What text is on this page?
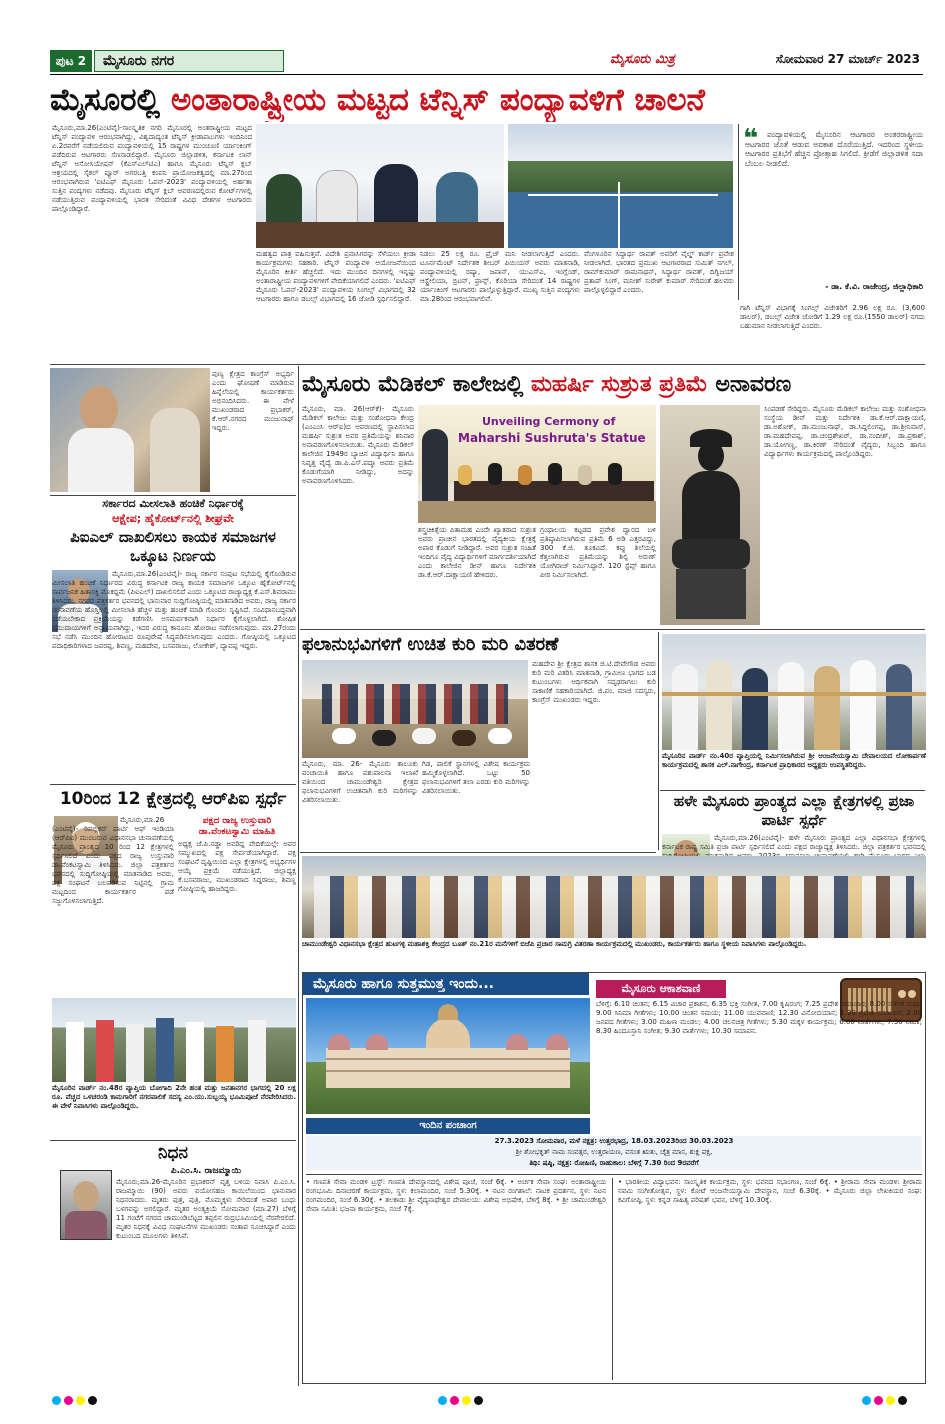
ಪುಟ 2	ಮೈಸೂರು ನಗರ	ಮೈಸೂರು ಮಿತ್ರ	ಸೋಮವಾರ 27 ಮಾರ್ಚ್ 2023
ಮೈಸೂರಲ್ಲಿ ಅಂತಾರಾಷ್ಟ್ರೀಯ ಮಟ್ಟದ ಟೆನ್ನಿಸ್ ಪಂದ್ಯಾವಳಿಗೆ ಚಾಲನೆ
ಮೈಸೂರು,ಮಾ.26(ಎಂಟಿವೈ)-ಸಾಂಸ್ಕೃತಿಕ ನಗರಿ ಮೈಸೂರಲ್ಲಿ ಅಂತರಾಷ್ಟ್ರೀಯ ಮಟ್ಟದ ಟೆನ್ನಿಸ್ ಪಂದ್ಯಾವಳಿ ಆರಂಭವಾಗಿದ್ದು, ವಿಶ್ವದಾದ್ಯಂತ ಟೆನ್ನಿಸ್ ಕ್ರೀಡಾಪಟುಗಳು ಇಂದಿನಿಂದ ಏ.2ರವರೆಗೆ ನಡೆಯಲಿರುವ ಪಂದ್ಯಾವಳಿಯಲ್ಲಿ 15 ರಾಷ್ಟ್ರಗಳ ಮುಂಚೂಣಿ ರ್ಯಾಂಕಿಂಗ್ ಪಡೆದಿರುವ ಆಟಗಾರರು ಸೆಣಸಾಡಲಿದ್ದಾರೆ. ಮೈಸೂರು ಜಿಲ್ಲಾಡಳಿತ, ಕರ್ನಾಟಕ ಲಾನ್ ಟೆನ್ನಿಸ್ ಅಸೋಸಿಯೇಷನ್ (ಕೆಎಸ್‌ಎಲ್‌ಟಿಎ) ಹಾಗೂ ಮೈಸೂರು ಟೆನ್ನಿಸ್ ಕ್ಲಬ್ ಆಶ್ರಯದಲ್ಲಿ ಸೈಕಲ್ ಪ್ಯೂರ್ ಅಗರಬತ್ತಿ ಕಂಪನಿ ಪ್ರಾಯೋಜಕತ್ವದಲ್ಲಿ ಮಾ.27ರಿಂದ ಆರಂಭವಾಗಿರುವ 'ಐಟಿಎಫ್ ಮೈಸೂರು ಓಪನ್-2023' ಪಂದ್ಯಾವಳಿಯಲ್ಲಿ ಅರ್ಹತಾ ಸುತ್ತಿನ ಪಂದ್ಯಗಳು ನಡೆದವು. ಮೈಸೂರು ಟೆನ್ನಿಸ್ ಕ್ಲಬ್ ಆವರಣದಲ್ಲಿರುವ ಕೋರ್ಟ್‌ಗಳಲ್ಲಿ ನಡೆಯುತ್ತಿರುವ ಪಂದ್ಯಾವಳಿಯಲ್ಲಿ ಭಾರತ ಸೇರಿದಂತೆ ವಿವಿಧ ದೇಶಗಳ ಆಟಗಾರರು ಪಾಲ್ಗೊಂಡಿದ್ದಾರೆ.
ಮಹತ್ವದ ಪಾತ್ರ ವಹಿಸುತ್ತವೆ. ವಿದೇಶಿ ಪ್ರವಾಸಿಗರನ್ನು ಸೆಳೆಯಲು ಕ್ರೀಡಾ ಕಾರ್ಯಕ್ರಮಗಳು ಸಹಕಾರಿ. ಟೆನ್ನಿಸ್ ಪಂದ್ಯಾವಳಿ ಆಯೋಜನೆಯಿಂದ ಮೈಸೂರಿನ ಕೀರ್ತಿ ಹೆಚ್ಚಲಿದೆ. ಇದು ಮುಂದಿನ ದಿನಗಳಲ್ಲಿ ಇನ್ನಷ್ಟು ಅಂತಾರಾಷ್ಟ್ರೀಯ ಪಂದ್ಯಾವಳಿಗಳಿಗೆ ವೇದಿಕೆಯಾಗಲಿದೆ ಎಂದರು. 'ಐಟಿಎಫ್ ಮೈಸೂರು ಓಪನ್-2023' ಪಂದ್ಯಾವಳಿಯ ಸಿಂಗಲ್ಸ್ ವಿಭಾಗದಲ್ಲಿ 32 ಆಟಗಾರರು ಹಾಗೂ ಡಬಲ್ಸ್ ವಿಭಾಗದಲ್ಲಿ 16 ಜೋಡಿ ಸ್ಪರ್ಧಿಸಲಿದ್ದಾರೆ.
ನಿಡಲು 25 ಲಕ್ಷ ರೂ. ಪ್ರೈಜ್ ಮನಿ ನೀಡಲಾಗುತ್ತಿದೆ ಎಂದರು. ಟೂರ್ನಮೆಂಟ್ ನಿರ್ದೇಶಕ ಶೀಬರ್ ಪಿಯಿಯನ್ ಅವರು ಮಾತನಾಡಿ, ಪಂದ್ಯಾವಳಿಯಲ್ಲಿ ರಷ್ಯಾ, ಜಪಾನ್, ಯುಎಸ್‌ಎ, ಇಂಗ್ಲೆಂಡ್, ಆಸ್ಟ್ರೇಲಿಯಾ, ಬ್ರಿಟನ್, ಫ್ರಾನ್ಸ್, ಕೊರಿಯಾ ಸೇರಿದಂತೆ 14 ರಾಷ್ಟ್ರಗಳ ರ್ಯಾಂಕಿಂಗ್ ಆಟಗಾರರು ಪಾಲ್ಗೊಳ್ಳುತ್ತಿದ್ದಾರೆ. ಮುಖ್ಯ ಸುತ್ತಿನ ಪಂದ್ಯಗಳು ಮಾ.28ರಿಂದ ಆರಂಭವಾಗಲಿವೆ.
ವೆಂಗಳೂರಿನ ಸಿದ್ಧಾರ್ಥ ರಾವತ್ ಅವರಿಗೆ ವೈಲ್ಡ್ ಕಾರ್ಡ್ ಪ್ರವೇಶ ನೀಡಲಾಗಿದೆ. ಭಾರತದ ಪ್ರಮುಖ ಆಟಗಾರರಾದ ಸುಮಿತ್ ನಗಲ್, ರಾಮ್‌ಕುಮಾರ್ ರಾಮನಾಥನ್, ಸಿದ್ಧಾರ್ಥ ರಾವತ್, ದಿಗ್ವಿಜಯ್ ಪ್ರತಾಪ್ ಸಿಂಗ್, ಮನೀಶ್ ಸುರೇಶ್ ಕುಮಾರ್ ಸೇರಿದಂತೆ ಹಲವರು ಪಾಲ್ಗೊಳ್ಳಲಿದ್ದಾರೆ ಎಂದರು.
❝	ಪಂದ್ಯಾವಳಿಯಲ್ಲಿ ಮೈಸೂರಿನ ಆಟಗಾರರ ಅಂತರರಾಷ್ಟ್ರೀಯ ಆಟಗಾರರ ಜೊತೆ ಆಡುವ ಅವಕಾಶ ದೊರೆಯುತ್ತಿದೆ. ಇದರಿಂದ ಸ್ಥಳೀಯ ಆಟಗಾರರ ಪ್ರತಿಭೆಗೆ ಹೆಚ್ಚಿನ ಪ್ರೋತ್ಸಾಹ ಸಿಗಲಿದೆ. ಕ್ರೀಡೆಗೆ ಜಿಲ್ಲಾಡಳಿತ ಸದಾ ಬೆಂಬಲ ನೀಡಲಿದೆ.
- ಡಾ. ಕೆ.ವಿ. ರಾಜೇಂದ್ರ, ಜಿಲ್ಲಾಧಿಕಾರಿ
ಗಾಗಿ ಟೆನ್ನಿಸ್ ವಿಭಾಗಕ್ಕೆ ಸಿಂಗಲ್ಸ್ ವಿಜೇತರಿಗೆ 2.96 ಲಕ್ಷ ರೂ. (3,600 ಡಾಲರ್), ಡಬಲ್ಸ್ ವಿಜೇತ ಜೋಡಿಗೆ 1.29 ಲಕ್ಷ ರೂ.(1550 ಡಾಲರ್) ನಗದು ಬಹುಮಾನ ನೀಡಲಾಗುತ್ತಿದೆ ಎಂದರು.
ಪುಣ್ಯ ಕ್ಷೇತ್ರದ ಕಾಂಗ್ರೆಸ್ ಅಭ್ಯರ್ಥಿ ಎಂದು ಘೋಷಣೆ ಮಾಡಿರುವ ಹಿನ್ನೆಲೆಯಲ್ಲಿ ಕಾರ್ಯಕರ್ತರು ಅಭಿನಂದಿಸಿದರು. ಈ ವೇಳೆ ಮುಖಂಡರಾದ ಪ್ರಭಾಕರ್, ಕೆ.ಆರ್.ನಗರದ ಮಂಜುನಾಥ್ ಇದ್ದರು.
ಸರ್ಕಾರದ ಮೀಸಲಾತಿ ಹಂಚಿಕೆ ನಿರ್ಧಾರಕ್ಕೆ
ಆಕ್ಷೇಪ; ಹೈಕೋರ್ಟ್‌ನಲ್ಲಿ ಶೀಘ್ರವೇ
ಪಿಐಎಲ್ ದಾಖಲಿಸಲು ಕಾಯಕ ಸಮಾಜಗಳ ಒಕ್ಕೂಟ ನಿರ್ಣಯ
ಮೈಸೂರು,ಮಾ.26(ಎಂಟಿವೈ)- ರಾಜ್ಯ ಸರ್ಕಾರ ಸಂಪುಟ ಸಭೆಯಲ್ಲಿ ಕೈಗೊಂಡಿರುವ ಮೀಸಲಾತಿ ಹಂಚಿಕೆ ನಿರ್ಧಾರದ ವಿರುದ್ಧ ಕರ್ನಾಟಕ ರಾಜ್ಯ ಕಾಯಕ ಸಮಾಜಗಳ ಒಕ್ಕೂಟ ಹೈಕೋರ್ಟ್‌ನಲ್ಲಿ ಸಾರ್ವಜನಿಕ ಹಿತಾಸಕ್ತಿ ಮೊಕದ್ದಮೆ (ಪಿಐಎಲ್) ದಾಖಲಿಸಲಿದೆ ಎಂದು ಒಕ್ಕೂಟದ ರಾಜ್ಯಾಧ್ಯಕ್ಷ ಕೆ.ಎಸ್.ಶಿವರಾಮು ತಿಳಿಸಿದರು. ನಗರದ ಪತ್ರಕರ್ತರ ಭವನದಲ್ಲಿ ಭಾನುವಾರ ಸುದ್ದಿಗೋಷ್ಠಿಯಲ್ಲಿ ಮಾತನಾಡಿದ ಅವರು, ರಾಜ್ಯ ಸರ್ಕಾರ ಚುನಾವಣೆಯ ಹೊಸ್ತಿಲಲ್ಲಿ ಮೀಸಲಾತಿ ಹೆಚ್ಚಳ ಮತ್ತು ಹಂಚಿಕೆ ಮಾಡಿ ಗೊಂದಲ ಸೃಷ್ಟಿಸಿದೆ. ಸಂವಿಧಾನಬದ್ಧವಾಗಿ ನಡೆಯಬೇಕಾದ ಪ್ರಕ್ರಿಯೆಯನ್ನು ಕಡೆಗಣಿಸಿ ಅಸಮರ್ಪಕವಾಗಿ ನಿರ್ಧಾರ ಕೈಗೊಳ್ಳಲಾಗಿದೆ. ಶೋಷಿತ ಸಮುದಾಯಗಳಿಗೆ ಅನ್ಯಾಯವಾಗಿದ್ದು, ಇದರ ವಿರುದ್ಧ ಕಾನೂನು ಹೋರಾಟ ನಡೆಸಲಾಗುವುದು. ಮಾ.27ರಂದು ಸಭೆ ನಡೆಸಿ ಮುಂದಿನ ಹೋರಾಟದ ರೂಪುರೇಷೆ ಸಿದ್ಧಪಡಿಸಲಾಗುವುದು ಎಂದರು. ಗೋಷ್ಠಿಯಲ್ಲಿ ಒಕ್ಕೂಟದ ಪದಾಧಿಕಾರಿಗಳಾದ ಜವರಪ್ಪ, ಶಿವಣ್ಣ, ಮಹದೇವ, ಬಸವರಾಜು, ಲೋಕೇಶ್, ದ್ಯಾವಪ್ಪ ಇದ್ದರು.
10ರಿಂದ 12 ಕ್ಷೇತ್ರದಲ್ಲಿ ಆರ್‌ಪಿಐ ಸ್ಪರ್ಧೆ
ಪಕ್ಷದ ರಾಜ್ಯ ಉಸ್ತುವಾರಿ ಡಾ.ವೆಂಕಟಸ್ವಾಮಿ ಮಾಹಿತಿ
ಮೈಸೂರು,ಮಾ.26 (ಎಂಟಿವೈ)- ರಿಪಬ್ಲಿಕನ್ ಪಾರ್ಟಿ ಆಫ್ ಇಂಡಿಯಾ (ಆರ್‌ಪಿಐ) ಮುಂಬರುವ ವಿಧಾನಸಭಾ ಚುನಾವಣೆಯಲ್ಲಿ ಮೈಸೂರು ಪ್ರಾಂತ್ಯದ 10 ರಿಂದ 12 ಕ್ಷೇತ್ರಗಳಲ್ಲಿ ಸ್ಪರ್ಧಿಸಲಿದೆ ಎಂದು ಪಕ್ಷದ ರಾಜ್ಯ ಉಸ್ತುವಾರಿ ಡಾ.ವೆಂಕಟಸ್ವಾಮಿ ತಿಳಿಸಿದರು. ಜಿಲ್ಲಾ ಪತ್ರಕರ್ತರ ಭವನದಲ್ಲಿ ಸುದ್ದಿಗೋಷ್ಠಿಯಲ್ಲಿ ಮಾತನಾಡಿದ ಅವರು, ಪಕ್ಷ ಸಂಘಟನೆ ಬಲಪಡಿಸುವ ನಿಟ್ಟಿನಲ್ಲಿ ಗ್ರಾಮ ಮಟ್ಟದಿಂದ ಕಾರ್ಯಕರ್ತರ ಪಡೆ ಸಜ್ಜುಗೊಳಿಸಲಾಗುತ್ತಿದೆ.
ಅಧ್ಯಕ್ಷ ಜೆ.ಪಿ.ನಡ್ಡಾ ಅವರಿದ್ದ ವೇದಿಕೆಯಲ್ಲೇ ಅವರ ಸಮ್ಮುಖದಲ್ಲಿ ಪಕ್ಷ ಸೇರ್ಪಡೆಯಾಗಿದ್ದಾರೆ. ಪಕ್ಷ ಸಂಘಟನೆ ದೃಷ್ಟಿಯಿಂದ ಎಲ್ಲಾ ಕ್ಷೇತ್ರಗಳಲ್ಲಿ ಅಭ್ಯರ್ಥಿಗಳ ಆಯ್ಕೆ ಪ್ರಕ್ರಿಯೆ ನಡೆಯುತ್ತಿದೆ. ಜಿಲ್ಲಾಧ್ಯಕ್ಷ ಕೆ.ಬಸವರಾಜು, ಮುಖಂಡರಾದ ಸಿದ್ದರಾಜು, ಶಿವಣ್ಣ ಗೋಷ್ಠಿಯಲ್ಲಿ ಹಾಜರಿದ್ದರು.
ಮೈಸೂರಿನ ವಾರ್ಡ್ ನಂ.48ರ ವ್ಯಾಪ್ತಿಯ ಬೋಗಾದಿ 2ನೇ ಹಂತ ಮತ್ತು ಜನತಾನಗರ ಭಾಗದಲ್ಲಿ 20 ಲಕ್ಷ ರೂ. ವೆಚ್ಚದ ಒಳಚರಂಡಿ ಕಾಮಗಾರಿಗೆ ನಗರಪಾಲಿಕೆ ಸದಸ್ಯ ಎಂ.ಯು.ಸುಬ್ಬಯ್ಯ ಭೂಮಿಪೂಜೆ ನೆರವೇರಿಸಿದರು. ಈ ವೇಳೆ ನಿವಾಸಿಗಳು ಪಾಲ್ಗೊಂಡಿದ್ದರು.
ನಿಧನ
ಪಿ.ಎಂ.ಸಿ. ರಾಜಮ್ಮಾಯಿ
ಮೈಸೂರು,ಮಾ.26-ಮೈಸೂರಿನ ಪ್ರಭಾಕರನ್ ವೃತ್ತ ಬಳಿಯ ನಿವಾಸಿ ಪಿ.ಎಂ.ಸಿ. ರಾಜಮ್ಮಾಯಿ (90) ಅವರು ವಯೋಸಹಜ ಕಾಯಿಲೆಯಿಂದ ಭಾನುವಾರ ನಿಧನರಾದರು. ಮೃತರು ಪುತ್ರ, ಪುತ್ರಿ, ಮೊಮ್ಮಕ್ಕಳು ಸೇರಿದಂತೆ ಅಪಾರ ಬಂಧು ಬಳಗವನ್ನು ಅಗಲಿದ್ದಾರೆ. ಮೃತರ ಅಂತ್ಯಕ್ರಿಯೆ ಸೋಮವಾರ (ಮಾ.27) ಬೆಳಿಗ್ಗೆ 11 ಗಂಟೆಗೆ ನಗರದ ಚಾಮುಂಡಿಬೆಟ್ಟದ ತಪ್ಪಲಿನ ರುದ್ರಭೂಮಿಯಲ್ಲಿ ನೆರವೇರಲಿದೆ. ಮೃತರ ನಿಧನಕ್ಕೆ ವಿವಿಧ ಸಂಘಟನೆಗಳ ಮುಖಂಡರು ಸಂತಾಪ ಸೂಚಿಸಿದ್ದಾರೆ ಎಂದು ಕುಟುಂಬದ ಮೂಲಗಳು ತಿಳಿಸಿವೆ.
ಮೈಸೂರು ಮೆಡಿಕಲ್ ಕಾಲೇಜಲ್ಲಿ ಮಹರ್ಷಿ ಸುಶ್ರುತ ಪ್ರತಿಮೆ ಅನಾವರಣ
ಮೈಸೂರು, ಮಾ. 26(ಆರ್‌ಕೆ)- ಮೈಸೂರು ಮೆಡಿಕಲ್ ಕಾಲೇಜು ಮತ್ತು ಸಂಶೋಧನಾ ಕೇಂದ್ರ (ಎಂಎಂಸಿ ಆರ್‌ಐ)ದ ಆವರಣದಲ್ಲಿ ಸ್ಥಾಪಿಸಲಾದ ಮಹರ್ಷಿ ಸುಶ್ರುತ ಅವರ ಪ್ರತಿಮೆಯನ್ನು ಶನಿವಾರ ಅನಾವರಣಗೊಳಿಸಲಾಯಿತು. ಮೈಸೂರು ಮೆಡಿಕಲ್ ಕಾಲೇಜಿನ 1949ರ ಬ್ಯಾಚಿನ ವಿದ್ಯಾರ್ಥಿನಿ ಹಾಗೂ ನಿವೃತ್ತ ವೈದ್ಯೆ ಡಾ.ಪಿ.ಎಸ್.ಪದ್ಮಾ ಅವರು ಪ್ರತಿಮೆ ಕೊಡುಗೆಯಾಗಿ ನೀಡಿದ್ದು, ಅದನ್ನು ಅನಾವರಣಗೊಳಿಸಿದರು.
Unveiling Cermony of
Maharshi Sushruta's Statue
ಶಸ್ತ್ರಚಿಕಿತ್ಸೆಯ ಪಿತಾಮಹ ಎಂದೇ ಖ್ಯಾತರಾದ ಸುಶ್ರುತ ಅವರು ಪ್ರಾಚೀನ ಭಾರತದಲ್ಲಿ ವೈದ್ಯಕೀಯ ಕ್ಷೇತ್ರಕ್ಕೆ ಅಪಾರ ಕೊಡುಗೆ ನೀಡಿದ್ದಾರೆ. ಅವರ ಸುಶ್ರುತ ಸಂಹಿತೆ ಇಂದಿಗೂ ವೈದ್ಯ ವಿದ್ಯಾರ್ಥಿಗಳಿಗೆ ಮಾರ್ಗದರ್ಶಿಯಾಗಿದೆ ಎಂದು ಕಾಲೇಜಿನ ಡೀನ್ ಹಾಗೂ ನಿರ್ದೇಶಕಿ ಡಾ.ಕೆ.ಆರ್.ದಾಕ್ಷಾಯಣಿ ಹೇಳಿದರು.
ಗ್ರಂಥಾಲಯ ಕಟ್ಟಡದ ಪ್ರವೇಶ ದ್ವಾರದ ಬಳಿ ಪ್ರತಿಷ್ಠಾಪಿಸಲಾಗಿರುವ ಪ್ರತಿಮೆ 6 ಅಡಿ ಎತ್ತರವಿದ್ದು, 300 ಕೆ.ಜಿ. ತೂಕವಿದೆ. ಕಪ್ಪು ಶಿಲೆಯಲ್ಲಿ ಕೆತ್ತಲಾಗಿರುವ ಪ್ರತಿಮೆಯನ್ನು ಶಿಲ್ಪಿ ಅರುಣ್ ಯೋಗಿರಾಜ್ ನಿರ್ಮಿಸಿದ್ದಾರೆ. 120 ಸ್ಟೆಪ್ಸ್ ಹಾಗೂ ಪೀಠ ನಿರ್ಮಿಸಲಾಗಿದೆ.
ಸಿಂಪಡಣೆ ಸೇರಿದ್ದರು. ಮೈಸೂರು ಮೆಡಿಕಲ್ ಕಾಲೇಜು ಮತ್ತು ಸಂಶೋಧನಾ ಸಂಸ್ಥೆಯ ಡೀನ್ ಮತ್ತು ನಿರ್ದೇಶಕಿ ಡಾ.ಕೆ.ಆರ್.ದಾಕ್ಷಾಯಣಿ, ಡಾ.ಅಶೋಕ್, ಡಾ.ಮಂಜುನಾಥ್, ಡಾ.ಸಿದ್ದಲಿಂಗಪ್ಪ, ಡಾ.ಶ್ರೀನಿವಾಸ್, ಡಾ.ಮಹದೇವಪ್ಪ, ಡಾ.ಚಂದ್ರಶೇಖರ್, ಡಾ.ನಂದೀಶ್, ಡಾ.ಪ್ರಕಾಶ್, ಡಾ.ಯೋಗಣ್ಣ, ಡಾ.ಕಿರಣ್ ಸೇರಿದಂತೆ ವೈದ್ಯರು, ಸಿಬ್ಬಂದಿ ಹಾಗೂ ವಿದ್ಯಾರ್ಥಿಗಳು ಕಾರ್ಯಕ್ರಮದಲ್ಲಿ ಪಾಲ್ಗೊಂಡಿದ್ದರು.
ಫಲಾನುಭವಿಗಳಿಗೆ ಉಚಿತ ಕುರಿ ಮರಿ ವಿತರಣೆ
ಮೈಸೂರು, ಮಾ. 26- ಮೈಸೂರು ತಾಲೂಕು ಪಂಚಾಯಿತಿ ಹಾಗೂ ಪಶುಪಾಲನಾ ಇಲಾಖೆ ವತಿಯಿಂದ ಚಾಮುಂಡೇಶ್ವರಿ ಕ್ಷೇತ್ರದ ಫಲಾನುಭವಿಗಳಿಗೆ ಉಚಿತವಾಗಿ ಕುರಿ ಮರಿಗಳನ್ನು ವಿತರಿಸಲಾಯಿತು.
ಗಿಡ, ಪಾಲಿಕೆ ಸ್ಥಾನಗಳಲ್ಲಿ ವಿಶೇಷ ಕಾರ್ಯಕ್ರಮ ಹಮ್ಮಿಕೊಳ್ಳಲಾಗಿದೆ. ಒಟ್ಟು 50 ಫಲಾನುಭವಿಗಳಿಗೆ ತಲಾ ಎರಡು ಕುರಿ ಮರಿಗಳನ್ನು ವಿತರಿಸಲಾಯಿತು.
ಮಹದೇವ ಶ್ರೀ ಕ್ಷೇತ್ರದ ಶಾಸಕ ಜಿ.ಟಿ.ದೇವೇಗೌಡ ಅವರು ಕುರಿ ಮರಿ ವಿತರಿಸಿ ಮಾತನಾಡಿ, ಗ್ರಾಮೀಣ ಭಾಗದ ಬಡ ಕುಟುಂಬಗಳು ಆರ್ಥಿಕವಾಗಿ ಸದೃಢರಾಗಲು ಕುರಿ ಸಾಕಾಣಿಕೆ ಸಹಕಾರಿಯಾಗಿದೆ. ಜಿ.ಪಂ. ಮಾಜಿ ಸದಸ್ಯರು, ಕಾಂಗ್ರೆಸ್ ಮುಖಂಡರು ಇದ್ದರು.
ಮೈಸೂರಿನ ವಾರ್ಡ್ ನಂ.40ರ ವ್ಯಾಪ್ತಿಯಲ್ಲಿ ನಿರ್ಮಿಸಲಾಗಿರುವ ಶ್ರೀ ಆಂಜನೇಯಸ್ವಾಮಿ ದೇವಾಲಯದ ಲೋಕಾರ್ಪಣೆ ಕಾರ್ಯಕ್ರಮದಲ್ಲಿ ಶಾಸಕ ಎಲ್.ನಾಗೇಂದ್ರ, ಕರ್ನಾಟಕ ಪ್ರಾಧಿಕಾರದ ಅಧ್ಯಕ್ಷರು ಉಪಸ್ಥಿತರಿದ್ದರು.
ಹಳೇ ಮೈಸೂರು ಪ್ರಾಂತ್ಯದ ಎಲ್ಲಾ ಕ್ಷೇತ್ರಗಳಲ್ಲಿ ಪ್ರಜಾ ಪಾರ್ಟಿ ಸ್ಪರ್ಧೆ
ಮೈಸೂರು,ಮಾ.26(ಎಂಟಿವೈ)- ಹಳೇ ಮೈಸೂರು ಪ್ರಾಂತ್ಯದ ಎಲ್ಲಾ ವಿಧಾನಸಭಾ ಕ್ಷೇತ್ರಗಳಲ್ಲಿ ಕರ್ನಾಟಕ ರಾಷ್ಟ್ರ ಸಮಿತಿ ಪ್ರಜಾ ಪಾರ್ಟಿ ಸ್ಪರ್ಧಿಸಲಿದೆ ಎಂದು ಪಕ್ಷದ ರಾಜ್ಯಾಧ್ಯಕ್ಷ ತಿಳಿಸಿದರು. ಜಿಲ್ಲಾ ಪತ್ರಕರ್ತರ ಭವನದಲ್ಲಿ
ಚಾಮುಂಡೇಶ್ವರಿ ವಿಧಾನಸಭಾ ಕ್ಷೇತ್ರದ ಹುಟಗಳ್ಳಿ ಮಹಾಶಕ್ತಿ ಕೇಂದ್ರದ ಬೂತ್ ನಂ.21ರ ಮನೆಗಳಿಗೆ ಬಿಜೆಪಿ ಪ್ರಚಾರ ಸಾಮಗ್ರಿ ವಿತರಣಾ ಕಾರ್ಯಕ್ರಮದಲ್ಲಿ ಮುಖಂಡರು, ಕಾರ್ಯಕರ್ತರು ಹಾಗೂ ಸ್ಥಳೀಯ ನಿವಾಸಿಗಳು ಪಾಲ್ಗೊಂಡಿದ್ದರು.
ಮೈಸೂರು ಹಾಗೂ ಸುತ್ತಮುತ್ತ ಇಂದು...	ಮೈಸೂರು ಆಕಾಶವಾಣಿ
ಬೆಳಿಗ್ಗೆ: 6.10 ಚಿಂತನ; 6.15 ವಿಚಾರ ಪ್ರಕಾಶನ, 6.35 ಭಕ್ತಿ ಸಂಗೀತ, 7.00 ಕೃಷಿರಂಗ; 7.25 ಪ್ರದೇಶ ಸಮಾಚಾರ; 8.00 ಸಂಗೀತ ಸುಧಾ; 9.00 ಸಿನಿಮಾ ಗೀತೆಗಳು; 10.00 ಚಿಂತನ ಸಮಯ; 11.00 ಯುವವಾಣಿ; 12.30 ವಿನೋದಯಾನ; 1.20 ಪ್ರದೇಶ ಸಮಾಚಾರ; 2.00 ಜನಪದ ಗೀತೆಗಳು; 3.00 ಮಹಿಳಾ ಮಂಡಲ; 4.00 ಚಲನಚಿತ್ರ ಗೀತೆಗಳು; 5.30 ಮಕ್ಕಳ ಕಾರ್ಯಕ್ರಮ; 6.00 ವಾರ್ತೆಗಳು; 7.30 ನಾಟಕ; 8.30 ಹಿಂದೂಸ್ತಾನಿ ಸಂಗೀತ; 9.30 ವಾರ್ತೆಗಳು; 10.30 ಸಮಾಪನ.
ಇಂದಿನ ಪಂಚಾಂಗ
27.3.2023 ಸೋಮವಾರ, ಮಳೆ ನಕ್ಷತ್ರ: ಉತ್ತರಭಾದ್ರ, 18.03.2023ರಿಂದ 30.03.2023
ಶ್ರೀ ಶೋಭಕೃತ್ ನಾಮ ಸಂವತ್ಸರ, ಉತ್ತರಾಯಣ, ವಸಂತ ಋತು, ಚೈತ್ರ ಮಾಸ, ಶುಕ್ಲ ಪಕ್ಷ,
ತಿಥಿ: ಷಷ್ಠಿ, ನಕ್ಷತ್ರ: ರೋಹಿಣಿ, ರಾಹುಕಾಲ: ಬೆಳಿಗ್ಗೆ 7.30 ರಿಂದ 9ರವರೆಗೆ
• ಗಣಪತಿ ಸೇವಾ ಮಂಡಳಿ ಟ್ರಸ್ಟ್: ಗಣಪತಿ ದೇವಸ್ಥಾನದಲ್ಲಿ ವಿಶೇಷ ಪೂಜೆ, ಸಂಜೆ 6ಕ್ಕೆ. • ಅರ್ಚಕ ಸೇವಾ ಸಂಘ: ಅಂತಾರಾಷ್ಟ್ರೀಯ ರಂಗಭೂಮಿ ದಿನಾಚರಣೆ ಕಾರ್ಯಕ್ರಮ, ಸ್ಥಳ: ಕಲಾಮಂದಿರ, ಸಂಜೆ 5.30ಕ್ಕೆ. • ನಟನ ರಂಗಶಾಲೆ: ನಾಟಕ ಪ್ರದರ್ಶನ, ಸ್ಥಳ: ನಟನ ರಂಗಮಂದಿರ, ಸಂಜೆ 6.30ಕ್ಕೆ. • ತಲಕಾಡು ಶ್ರೀ ವೈದ್ಯನಾಥೇಶ್ವರ ದೇವಾಲಯ: ವಿಶೇಷ ಅಭಿಷೇಕ, ಬೆಳಿಗ್ಗೆ 8ಕ್ಕೆ. • ಶ್ರೀ ಚಾಮುಂಡೇಶ್ವರಿ ಸೇವಾ ಸಮಿತಿ: ಭಜನಾ ಕಾರ್ಯಕ್ರಮ, ಸಂಜೆ 7ಕ್ಕೆ.
• ಭಾರತೀಯ ವಿದ್ಯಾಭವನ: ಸಾಂಸ್ಕೃತಿಕ ಕಾರ್ಯಕ್ರಮ, ಸ್ಥಳ: ಭವನದ ಸಭಾಂಗಣ, ಸಂಜೆ 6ಕ್ಕೆ. • ಶ್ರೀರಾಮ ಸೇವಾ ಮಂಡಳಿ: ಶ್ರೀರಾಮ ನವಮಿ ಸಂಗೀತೋತ್ಸವ, ಸ್ಥಳ: ಕೋಟೆ ಆಂಜನೇಯಸ್ವಾಮಿ ದೇವಸ್ಥಾನ, ಸಂಜೆ 6.30ಕ್ಕೆ. • ಮೈಸೂರು ಜಿಲ್ಲಾ ಲೇಖಕಿಯರ ಸಂಘ: ಕವಿಗೋಷ್ಠಿ, ಸ್ಥಳ: ಕನ್ನಡ ಸಾಹಿತ್ಯ ಪರಿಷತ್ ಭವನ, ಬೆಳಿಗ್ಗೆ 10.30ಕ್ಕೆ.
